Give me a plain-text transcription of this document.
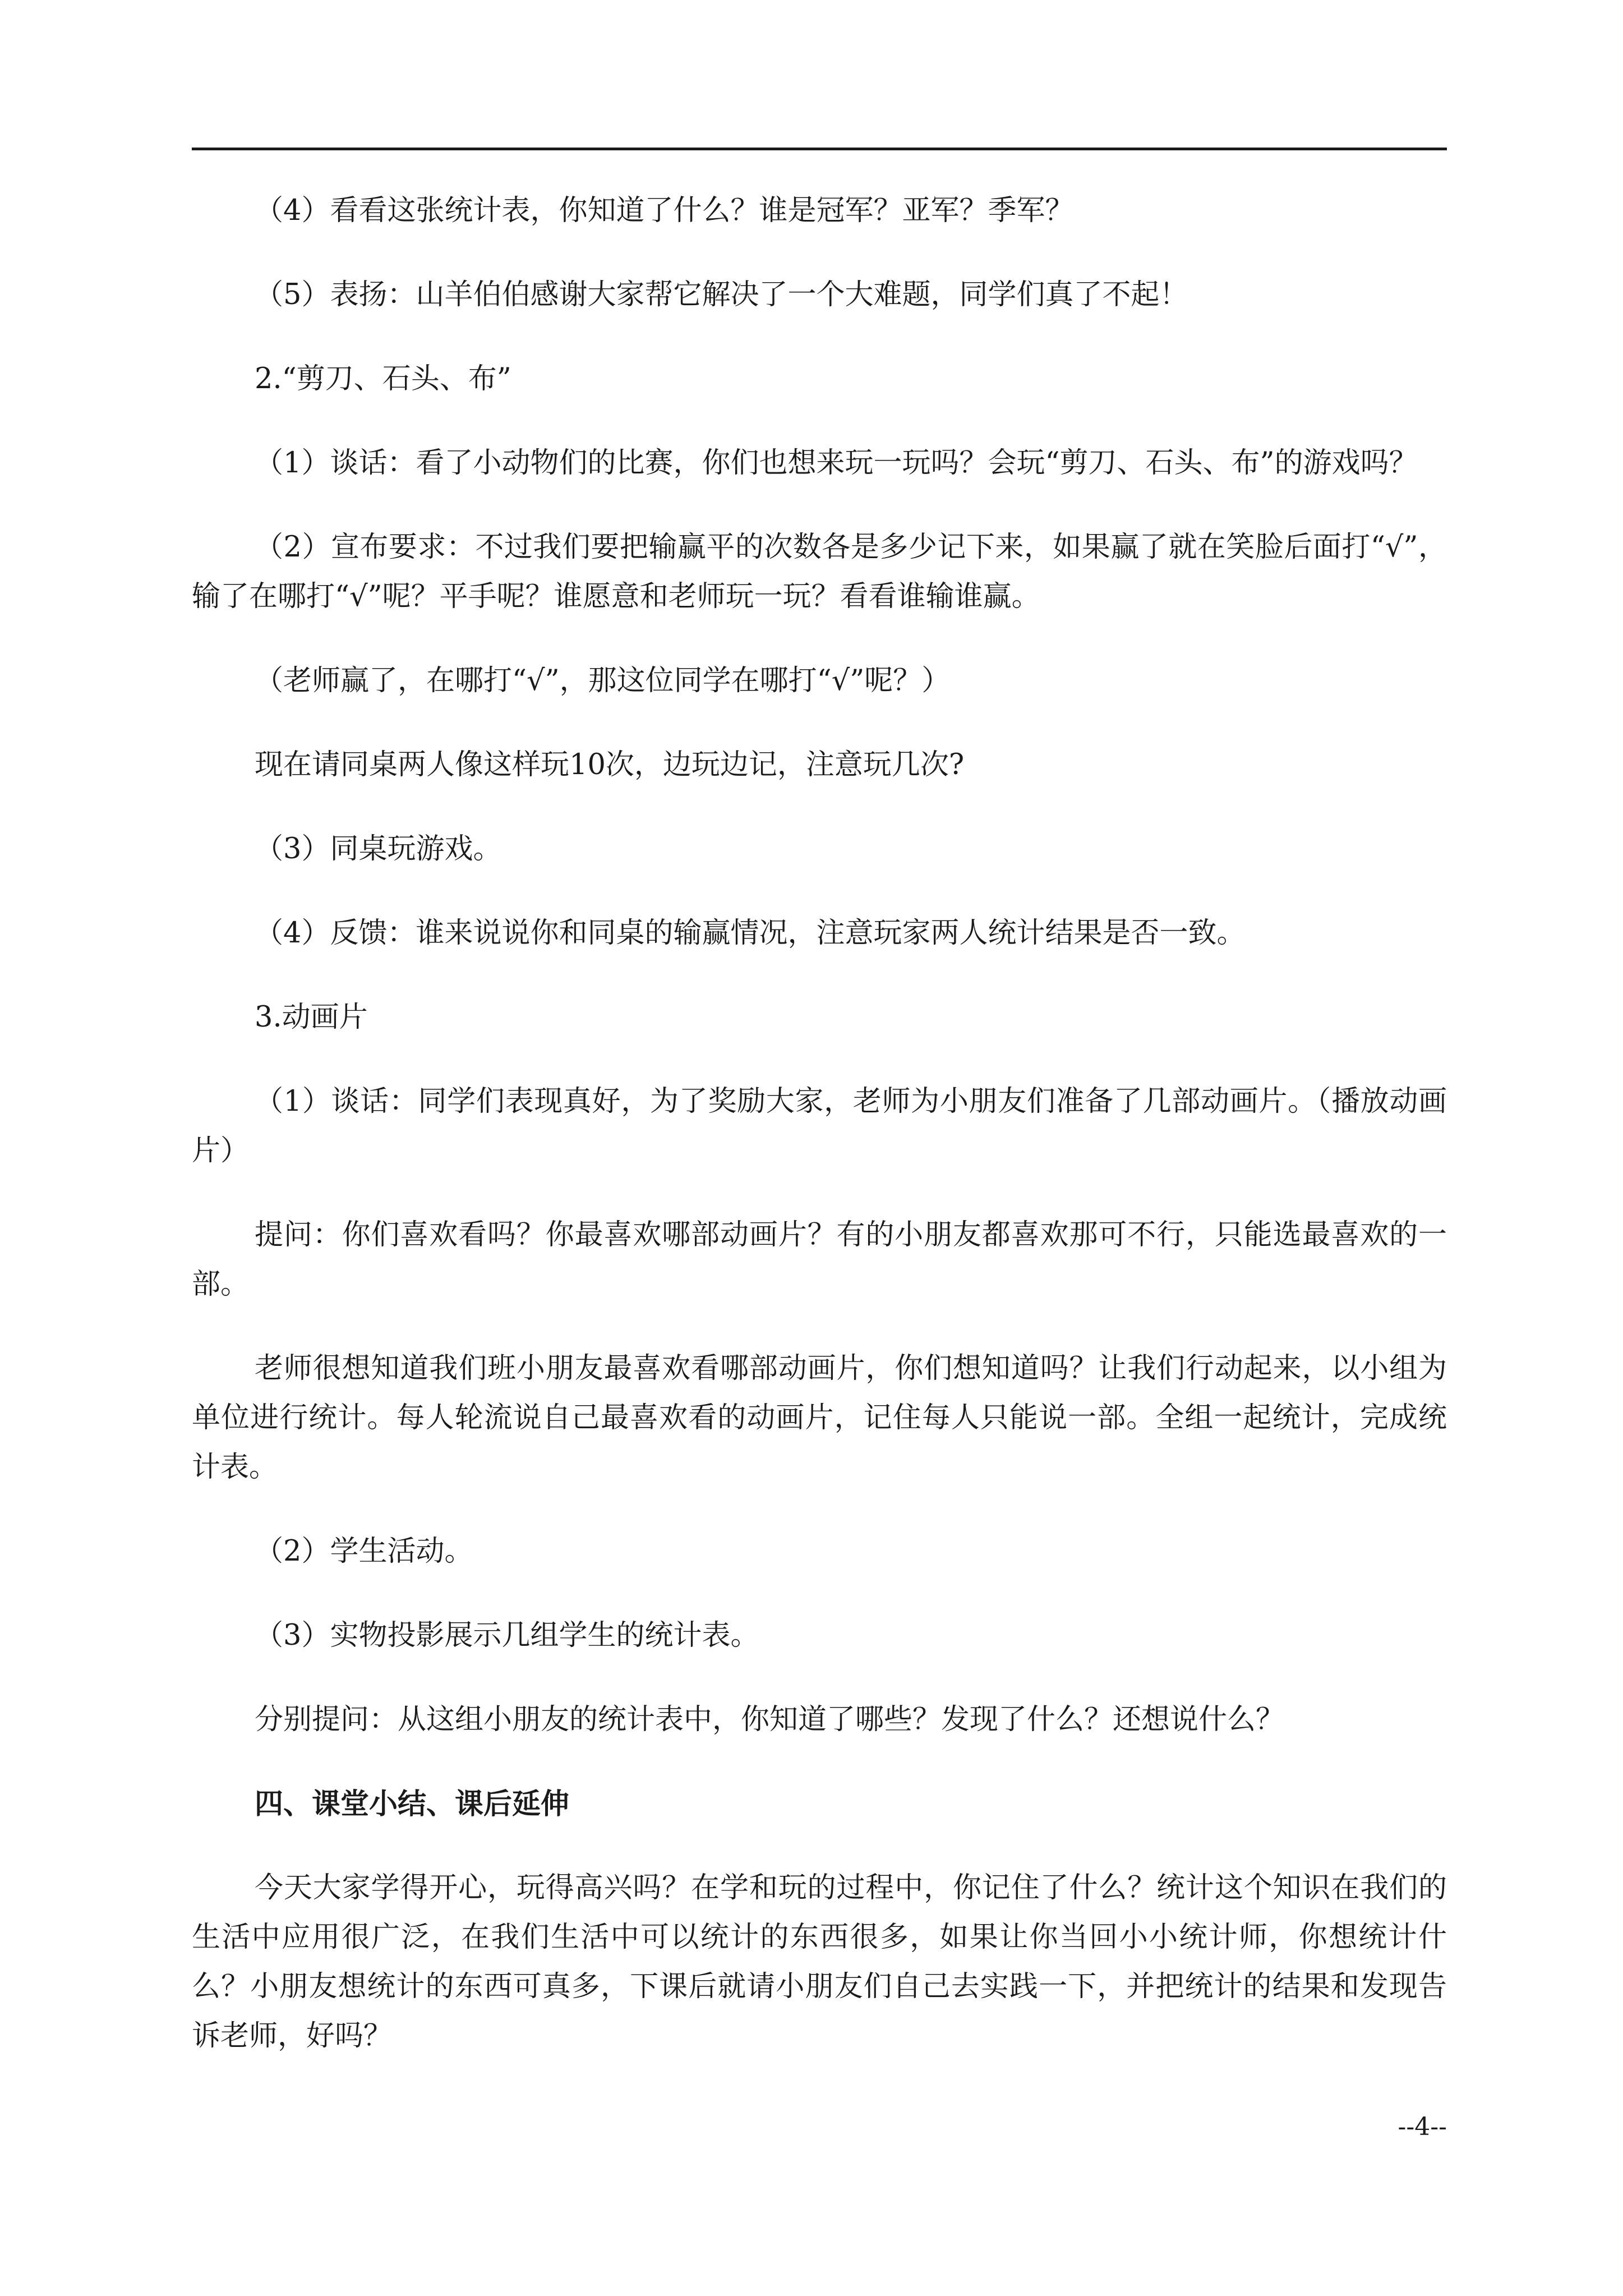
（4）看看这张统计表，你知道了什么？谁是冠军？亚军？季军？

（5）表扬：山羊伯伯感谢大家帮它解决了一个大难题，同学们真了不起！

2.“剪刀、石头、布”

（1）谈话：看了小动物们的比赛，你们也想来玩一玩吗？会玩“剪刀、石头、布”的游戏吗？

（2）宣布要求：不过我们要把输赢平的次数各是多少记下来，如果赢了就在笑脸后面打“√”，输了在哪打“√”呢？平手呢？谁愿意和老师玩一玩？看看谁输谁赢。

（老师赢了，在哪打“√”，那这位同学在哪打“√”呢？）

现在请同桌两人像这样玩10次，边玩边记，注意玩几次?

（3）同桌玩游戏。

（4）反馈：谁来说说你和同桌的输赢情况，注意玩家两人统计结果是否一致。

3.动画片

（1）谈话：同学们表现真好，为了奖励大家，老师为小朋友们准备了几部动画片。（播放动画片）

提问：你们喜欢看吗？你最喜欢哪部动画片？有的小朋友都喜欢那可不行，只能选最喜欢的一部。

老师很想知道我们班小朋友最喜欢看哪部动画片，你们想知道吗？让我们行动起来，以小组为单位进行统计。每人轮流说自己最喜欢看的动画片，记住每人只能说一部。全组一起统计，完成统计表。

（2）学生活动。

（3）实物投影展示几组学生的统计表。

分别提问：从这组小朋友的统计表中，你知道了哪些？发现了什么？还想说什么？

四、课堂小结、课后延伸

今天大家学得开心，玩得高兴吗？在学和玩的过程中，你记住了什么？统计这个知识在我们的生活中应用很广泛，在我们生活中可以统计的东西很多，如果让你当回小小统计师，你想统计什么？小朋友想统计的东西可真多，下课后就请小朋友们自己去实践一下，并把统计的结果和发现告诉老师，好吗？

--4--
